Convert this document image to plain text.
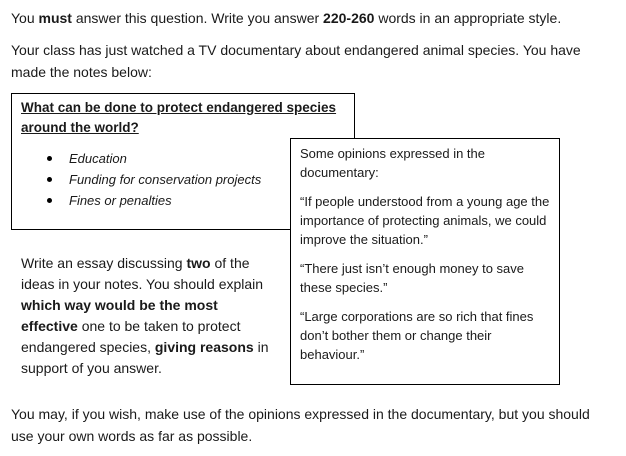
You must answer this question. Write you answer 220-260 words in an appropriate style.

Your class has just watched a TV documentary about endangered animal species. You have made the notes below:

What can be done to protect endangered species around the world?

Education
Funding for conservation projects
Fines or penalties

Some opinions expressed in the documentary:

“If people understood from a young age the importance of protecting animals, we could improve the situation.”

“There just isn’t enough money to save these species.”

“Large corporations are so rich that fines don’t bother them or change their behaviour.”

Write an essay discussing two of the ideas in your notes. You should explain which way would be the most effective one to be taken to protect endangered species, giving reasons in support of you answer.

You may, if you wish, make use of the opinions expressed in the documentary, but you should use your own words as far as possible.
